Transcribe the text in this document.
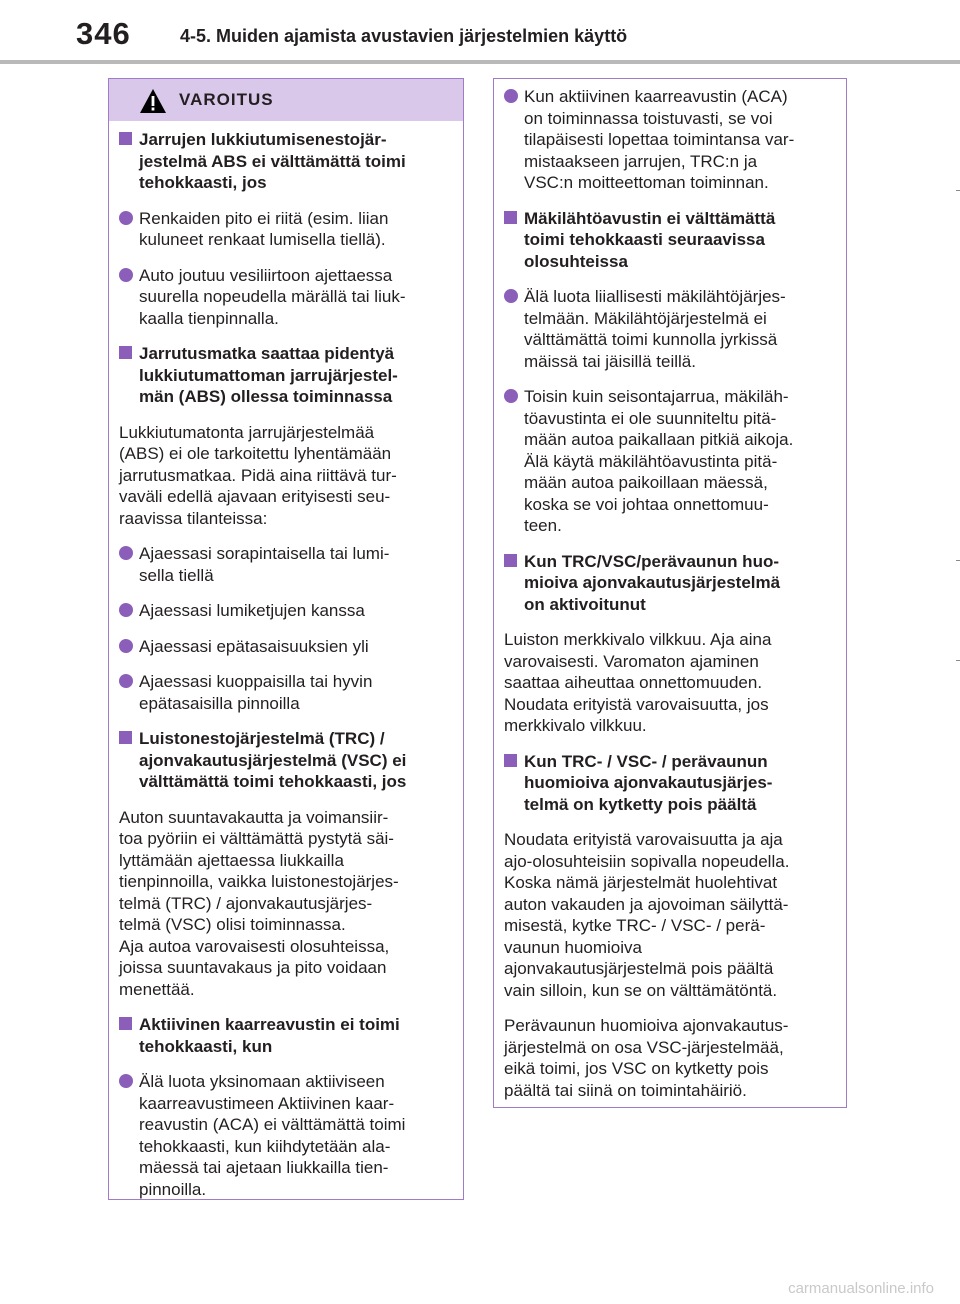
346	4-5. Muiden ajamista avustavien järjestelmien käyttö
VAROITUS
Jarrujen lukkiutumisenestojär-
jestelmä ABS ei välttämättä toimi
tehokkaasti, jos
Renkaiden pito ei riitä (esim. liian
kuluneet renkaat lumisella tiellä).
Auto joutuu vesiliirtoon ajettaessa
suurella nopeudella märällä tai liuk-
kaalla tienpinnalla.
Jarrutusmatka saattaa pidentyä
lukkiutumattoman jarrujärjestel-
män (ABS) ollessa toiminnassa
Lukkiutumatonta jarrujärjestelmää
(ABS) ei ole tarkoitettu lyhentämään
jarrutusmatkaa. Pidä aina riittävä tur-
vaväli edellä ajavaan erityisesti seu-
raavissa tilanteissa:
Ajaessasi sorapintaisella tai lumi-
sella tiellä
Ajaessasi lumiketjujen kanssa
Ajaessasi epätasaisuuksien yli
Ajaessasi kuoppaisilla tai hyvin
epätasaisilla pinnoilla
Luistonestojärjestelmä (TRC) /
ajonvakautusjärjestelmä (VSC) ei
välttämättä toimi tehokkaasti, jos
Auton suuntavakautta ja voimansiir-
toa pyöriin ei välttämättä pystytä säi-
lyttämään ajettaessa liukkailla
tienpinnoilla, vaikka luistonestojärjes-
telmä (TRC) / ajonvakautusjärjes-
telmä (VSC) olisi toiminnassa.
Aja autoa varovaisesti olosuhteissa,
joissa suuntavakaus ja pito voidaan
menettää.
Aktiivinen kaarreavustin ei toimi
tehokkaasti, kun
Älä luota yksinomaan aktiiviseen
kaarreavustimeen Aktiivinen kaar-
reavustin (ACA) ei välttämättä toimi
tehokkaasti, kun kiihdytetään ala-
mäessä tai ajetaan liukkailla tien-
pinnoilla.
Kun aktiivinen kaarreavustin (ACA)
on toiminnassa toistuvasti, se voi
tilapäisesti lopettaa toimintansa var-
mistaakseen jarrujen, TRC:n ja
VSC:n moitteettoman toiminnan.
Mäkilähtöavustin ei välttämättä
toimi tehokkaasti seuraavissa
olosuhteissa
Älä luota liiallisesti mäkilähtöjärjes-
telmään. Mäkilähtöjärjestelmä ei
välttämättä toimi kunnolla jyrkissä
mäissä tai jäisillä teillä.
Toisin kuin seisontajarrua, mäkiläh-
töavustinta ei ole suunniteltu pitä-
mään autoa paikallaan pitkiä aikoja.
Älä käytä mäkilähtöavustinta pitä-
mään autoa paikoillaan mäessä,
koska se voi johtaa onnettomuu-
teen.
Kun TRC/VSC/perävaunun huo-
mioiva ajonvakautusjärjestelmä
on aktivoitunut
Luiston merkkivalo vilkkuu. Aja aina
varovaisesti. Varomaton ajaminen
saattaa aiheuttaa onnettomuuden.
Noudata erityistä varovaisuutta, jos
merkkivalo vilkkuu.
Kun TRC- / VSC- / perävaunun
huomioiva ajonvakautusjärjes-
telmä on kytketty pois päältä
Noudata erityistä varovaisuutta ja aja
ajo-olosuhteisiin sopivalla nopeudella.
Koska nämä järjestelmät huolehtivat
auton vakauden ja ajovoiman säilyttä-
misestä, kytke TRC- / VSC- / perä-
vaunun huomioiva
ajonvakautusjärjestelmä pois päältä
vain silloin, kun se on välttämätöntä.
Perävaunun huomioiva ajonvakautus-
järjestelmä on osa VSC-järjestelmää,
eikä toimi, jos VSC on kytketty pois
päältä tai siinä on toimintahäiriö.
carmanualsonline.info
